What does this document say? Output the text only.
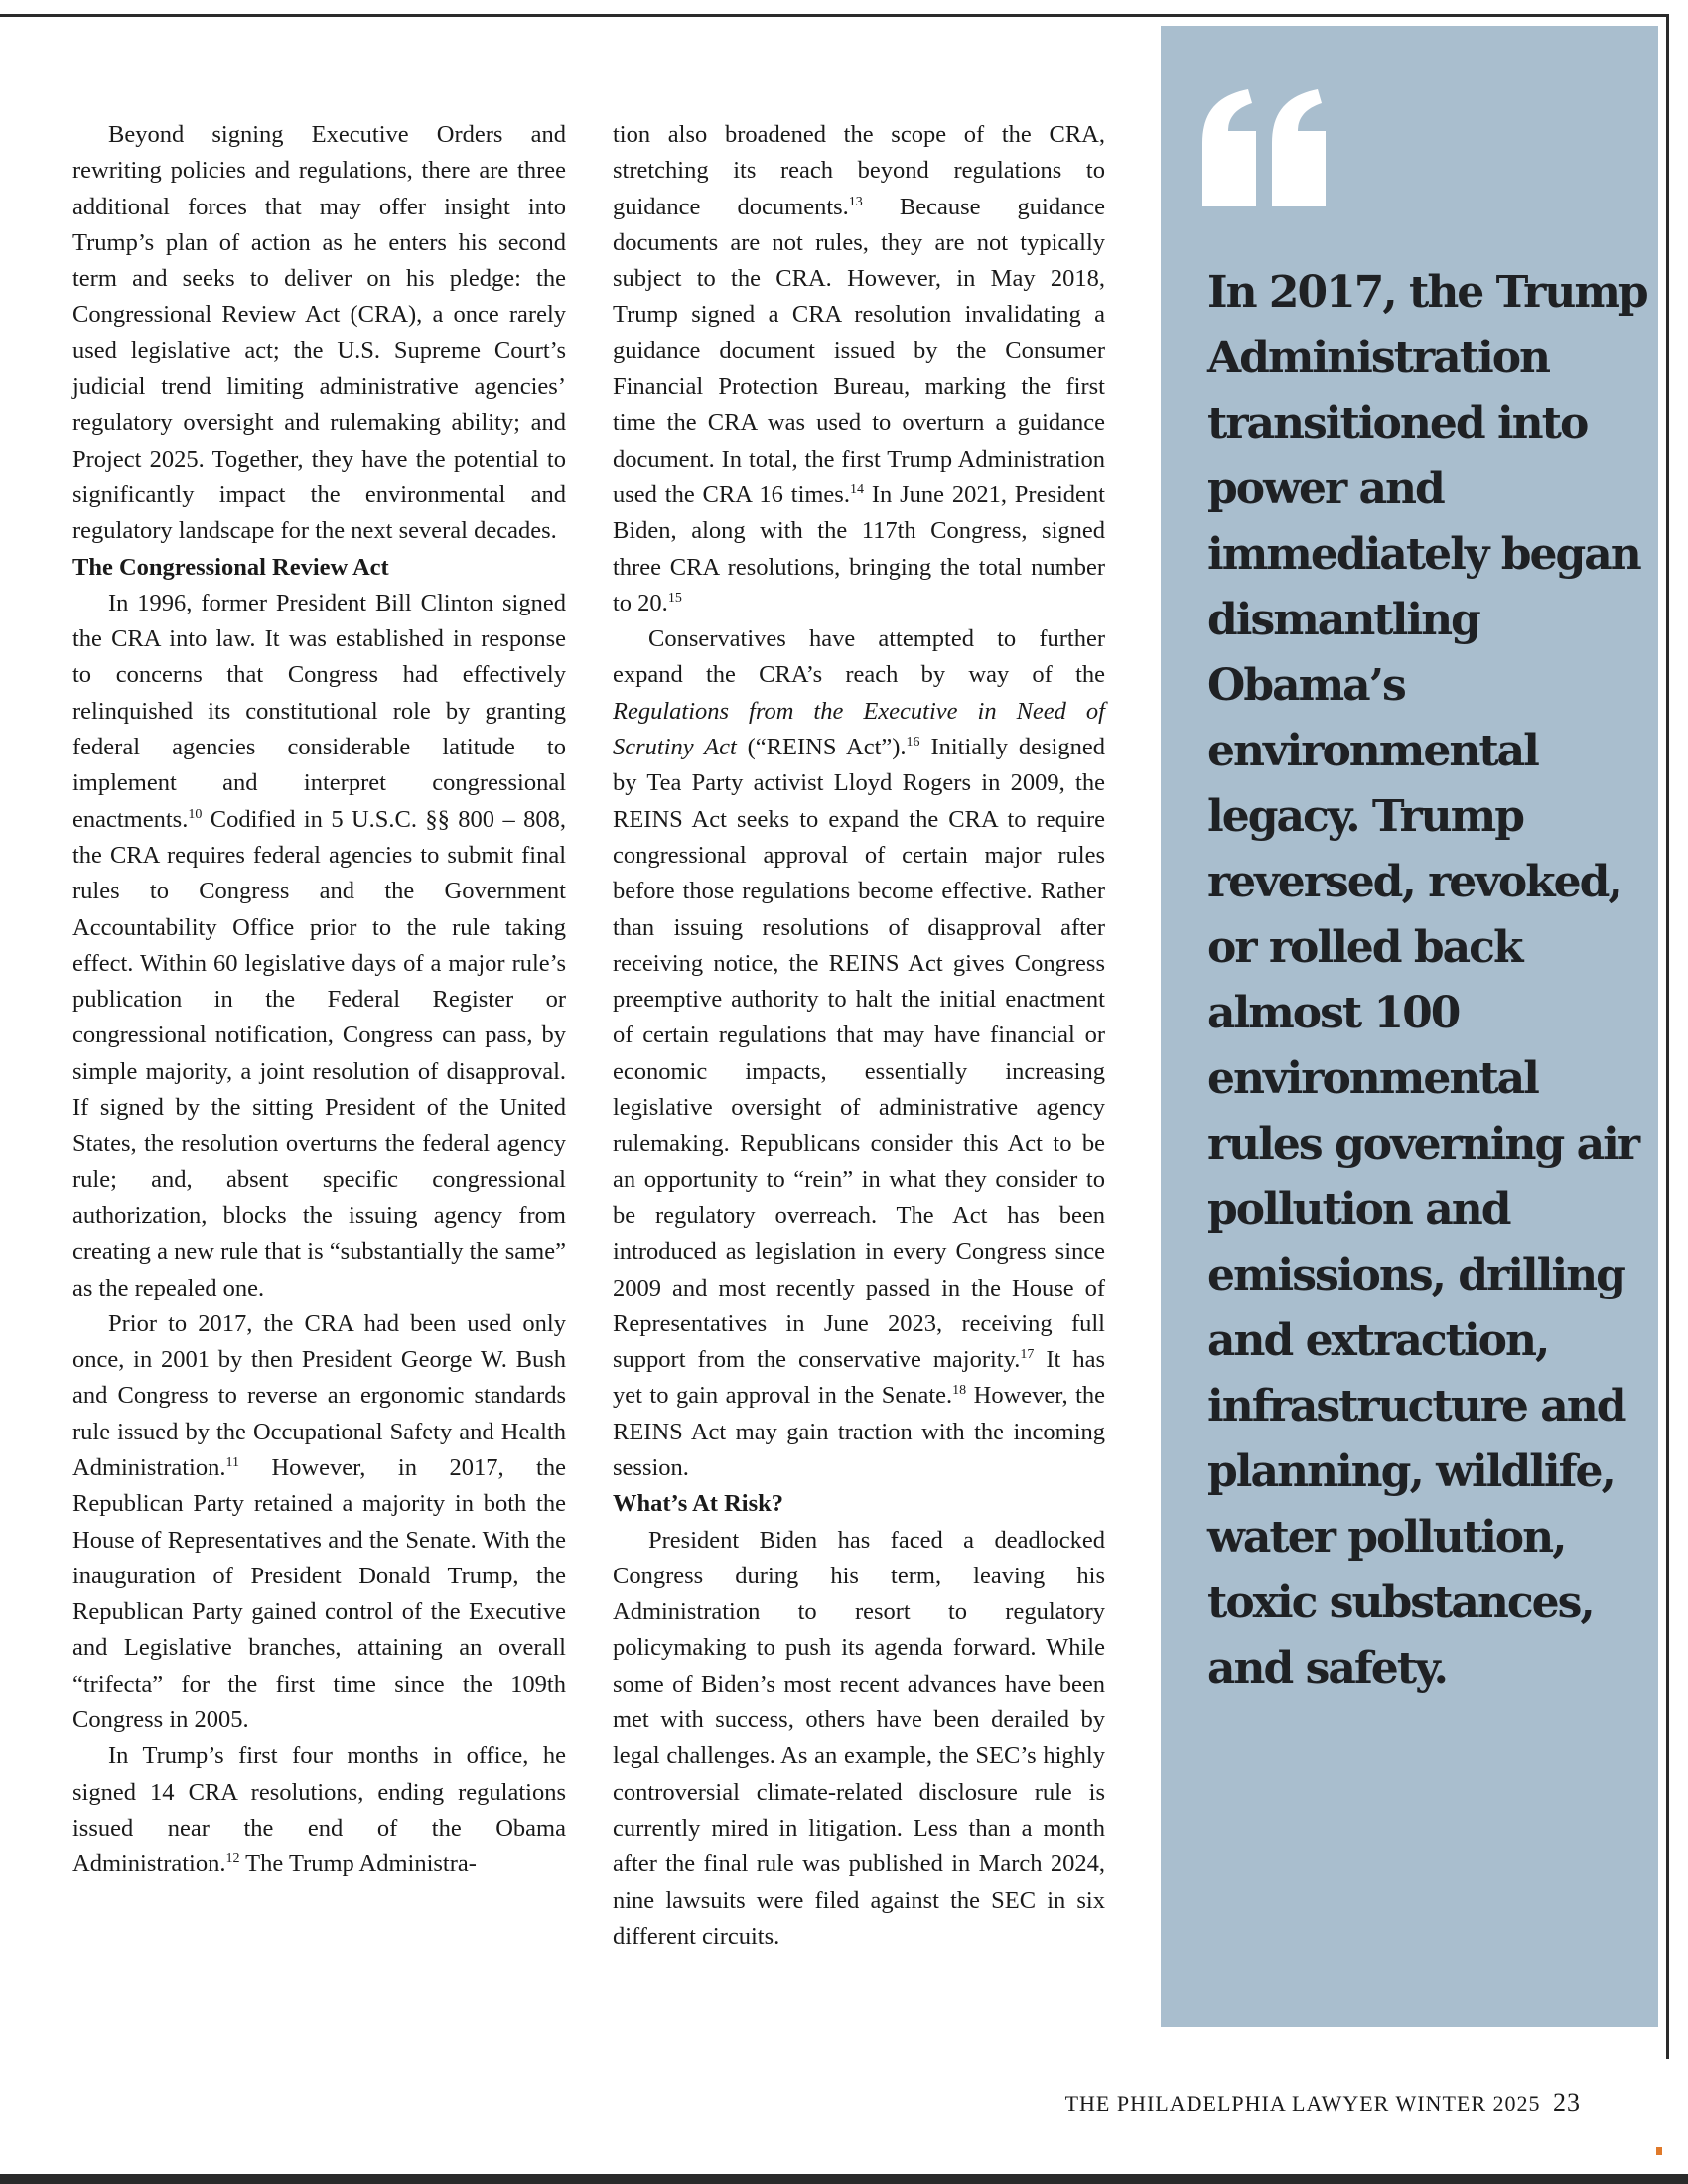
Beyond signing Executive Orders and rewriting policies and regulations, there are three additional forces that may offer insight into Trump’s plan of action as he enters his second term and seeks to deliver on his pledge: the Congressional Review Act (CRA), a once rarely used legislative act; the U.S. Supreme Court’s judicial trend limiting administrative agencies’ regulatory oversight and rulemaking ability; and Project 2025. Together, they have the potential to significantly impact the environmental and regulatory landscape for the next several decades.

The Congressional Review Act

In 1996, former President Bill Clinton signed the CRA into law. It was established in response to concerns that Congress had effectively relinquished its constitutional role by granting federal agencies considerable latitude to implement and interpret congressional enactments.$^{10}$ Codified in 5 U.S.C. §§ 800 – 808, the CRA requires federal agencies to submit final rules to Congress and the Government Accountability Office prior to the rule taking effect. Within 60 legislative days of a major rule’s publication in the Federal Register or congressional notification, Congress can pass, by simple majority, a joint resolution of disapproval. If signed by the sitting President of the United States, the resolution overturns the federal agency rule; and, absent specific congressional authorization, blocks the issuing agency from creating a new rule that is “substantially the same” as the repealed one.

Prior to 2017, the CRA had been used only once, in 2001 by then President George W. Bush and Congress to reverse an ergonomic standards rule issued by the Occupational Safety and Health Administration.$^{11}$ However, in 2017, the Republican Party retained a majority in both the House of Representatives and the Senate. With the inauguration of President Donald Trump, the Republican Party gained control of the Executive and Legislative branches, attaining an overall “trifecta” for the first time since the 109th Congress in 2005.

In Trump’s first four months in office, he signed 14 CRA resolutions, ending regulations issued near the end of the Obama Administration.$^{12}$ The Trump Administra-

tion also broadened the scope of the CRA, stretching its reach beyond regulations to guidance documents.$^{13}$ Because guidance documents are not rules, they are not typically subject to the CRA. However, in May 2018, Trump signed a CRA resolution invalidating a guidance document issued by the Consumer Financial Protection Bureau, marking the first time the CRA was used to overturn a guidance document. In total, the first Trump Administration used the CRA 16 times.$^{14}$ In June 2021, President Biden, along with the 117th Congress, signed three CRA resolutions, bringing the total number to 20.15

Conservatives have attempted to further expand the CRA’s reach by way of the Regulations from the Executive in Need of Scrutiny Act (“REINS Act”).$^{16}$ Initially designed by Tea Party activist Lloyd Rogers in 2009, the REINS Act seeks to expand the CRA to require congressional approval of certain major rules before those regulations become effective. Rather than issuing resolutions of disapproval after receiving notice, the REINS Act gives Congress preemptive authority to halt the initial enactment of certain regulations that may have financial or economic impacts, essentially increasing legislative oversight of administrative agency rulemaking. Republicans consider this Act to be an opportunity to “rein” in what they consider to be regulatory overreach. The Act has been introduced as legislation in every Congress since 2009 and most recently passed in the House of Representatives in June 2023, receiving full support from the conservative majority.$^{17}$ It has yet to gain approval in the Senate.$^{18}$ However, the REINS Act may gain traction with the incoming session.

What’s At Risk?

President Biden has faced a deadlocked Congress during his term, leaving his Administration to resort to regulatory policymaking to push its agenda forward. While some of Biden’s most recent advances have been met with success, others have been derailed by legal challenges. As an example, the SEC’s highly controversial climate-related disclosure rule is currently mired in litigation. Less than a month after the final rule was published in March 2024, nine lawsuits were filed against the SEC in six different circuits.

In 2017, the Trump Administration transitioned into power and immediately began dismantling Obama’s environmental legacy. Trump reversed, revoked, or rolled back almost 100 environmental rules governing air pollution and emissions, drilling and extraction, infrastructure and planning, wildlife, water pollution, toxic substances, and safety.

THE PHILADELPHIA LAWYER WINTER 2025 23
